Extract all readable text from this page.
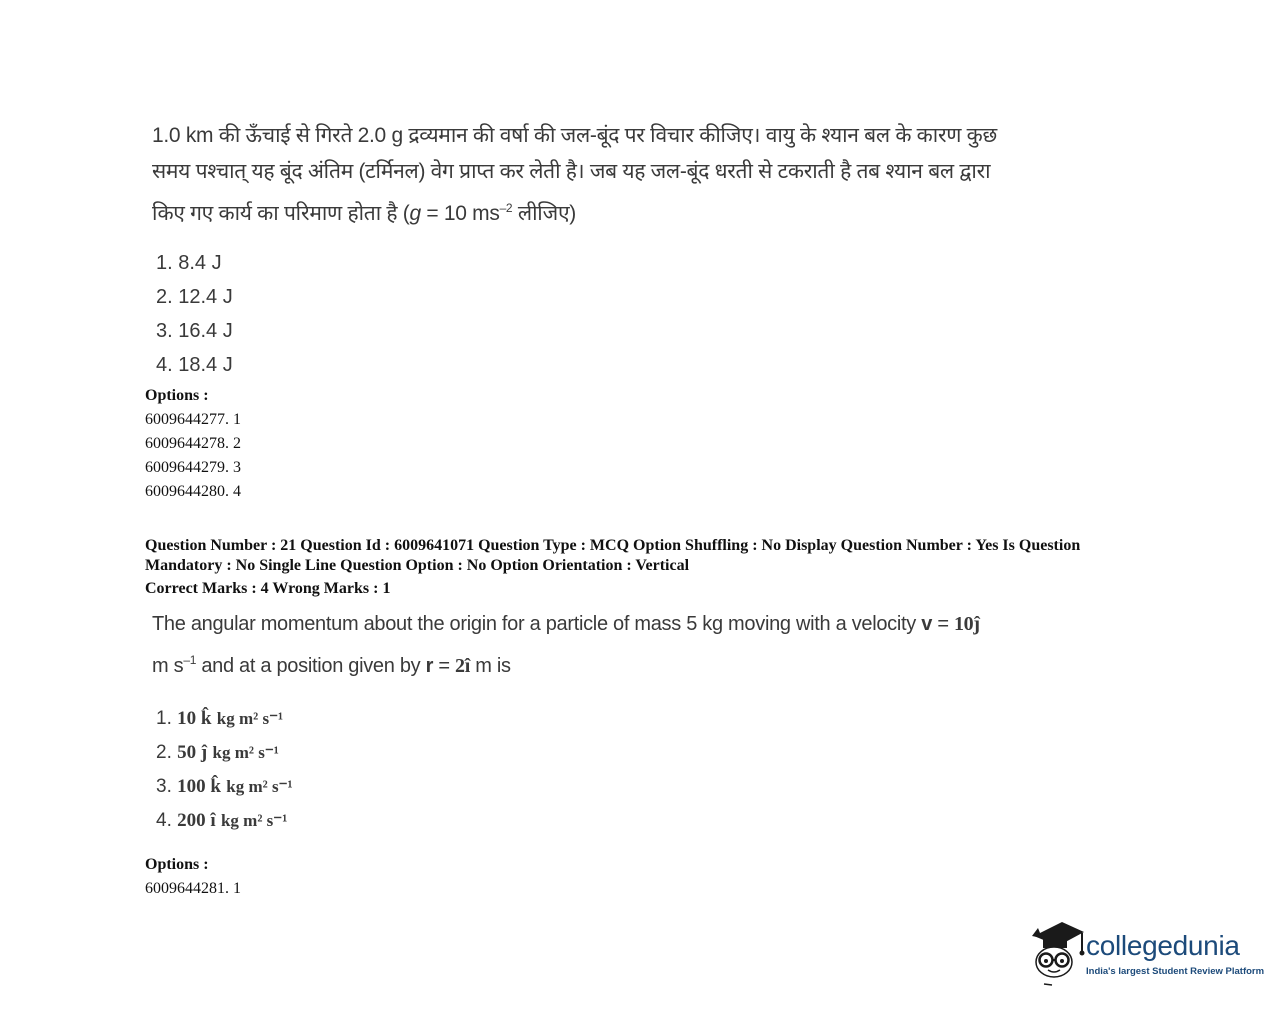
1.0 km की ऊँचाई से गिरते 2.0 g द्रव्यमान की वर्षा की जल-बूंद पर विचार कीजिए। वायु के श्यान बल के कारण कुछ
समय पश्चात् यह बूंद अंतिम (टर्मिनल) वेग प्राप्त कर लेती है। जब यह जल-बूंद धरती से टकराती है तब श्यान बल द्वारा
किए गए कार्य का परिमाण होता है (g = 10 $ms^{-2}$ लीजिए)
1. 8.4 J
2. 12.4 J
3. 16.4 J
4. 18.4 J
Options :
6009644277. 1
6009644278. 2
6009644279. 3
6009644280. 4
Question Number : 21 Question Id : 6009641071 Question Type : MCQ Option Shuffling : No Display Question Number : Yes Is Question Mandatory : No Single Line Question Option : No Option Orientation : Vertical
Correct Marks : 4 Wrong Marks : 1
The angular momentum about the origin for a particle of mass 5 kg moving with a velocity v = 10ĵ
m $s^{-1}$ and at a position given by r = 2î m is
1. 10 k̂ kg m² s⁻¹
2. 50 ĵ kg m² s⁻¹
3. 100 k̂ kg m² s⁻¹
4. 200 î kg m² s⁻¹
Options :
6009644281. 1
collegedunia
India's largest Student Review Platform
